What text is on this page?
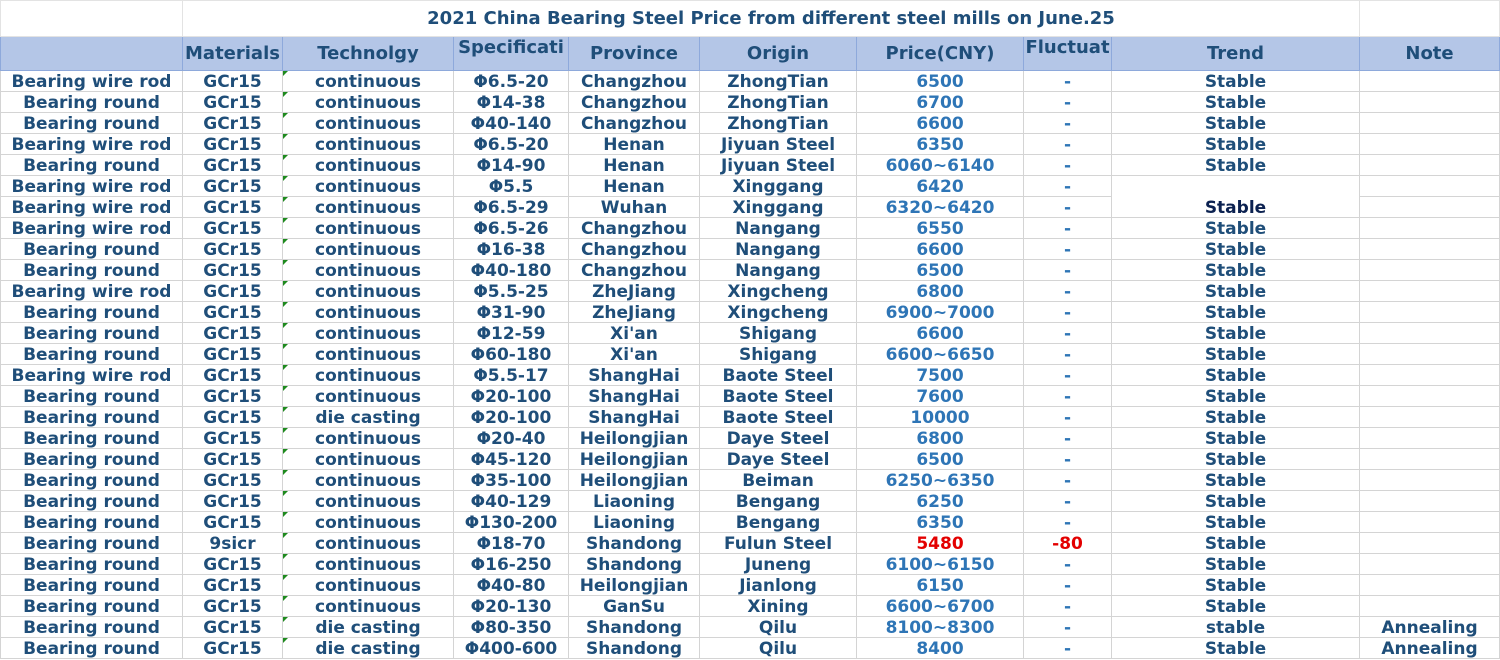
	2021 China Bearing Steel Price from different steel mills on June.25								
	Materials	Technolgy	Specificati	Province	Origin	Price(CNY)	Fluctuat	Trend	Note
Bearing wire rod	GCr15	continuous	Φ6.5-20	Changzhou	ZhongTian	6500	-	Stable	
Bearing round	GCr15	continuous	Φ14-38	Changzhou	ZhongTian	6700	-	Stable	
Bearing round	GCr15	continuous	Φ40-140	Changzhou	ZhongTian	6600	-	Stable	
Bearing wire rod	GCr15	continuous	Φ6.5-20	Henan	Jiyuan Steel	6350	-	Stable	
Bearing round	GCr15	continuous	Φ14-90	Henan	Jiyuan Steel	6060~6140	-	Stable	
Bearing wire rod	GCr15	continuous	Φ5.5	Henan	Xinggang	6420	-	Stable	
Bearing wire rod	GCr15	continuous	Φ6.5-29	Wuhan	Xinggang	6320~6420	-		
Bearing wire rod	GCr15	continuous	Φ6.5-26	Changzhou	Nangang	6550	-	Stable	
Bearing round	GCr15	continuous	Φ16-38	Changzhou	Nangang	6600	-	Stable	
Bearing round	GCr15	continuous	Φ40-180	Changzhou	Nangang	6500	-	Stable	
Bearing wire rod	GCr15	continuous	Φ5.5-25	ZheJiang	Xingcheng	6800	-	Stable	
Bearing round	GCr15	continuous	Φ31-90	ZheJiang	Xingcheng	6900~7000	-	Stable	
Bearing round	GCr15	continuous	Φ12-59	Xi'an	Shigang	6600	-	Stable	
Bearing round	GCr15	continuous	Φ60-180	Xi'an	Shigang	6600~6650	-	Stable	
Bearing wire rod	GCr15	continuous	Φ5.5-17	ShangHai	Baote Steel	7500	-	Stable	
Bearing round	GCr15	continuous	Φ20-100	ShangHai	Baote Steel	7600	-	Stable	
Bearing round	GCr15	die casting	Φ20-100	ShangHai	Baote Steel	10000	-	Stable	
Bearing round	GCr15	continuous	Φ20-40	Heilongjian	Daye Steel	6800	-	Stable	
Bearing round	GCr15	continuous	Φ45-120	Heilongjian	Daye Steel	6500	-	Stable	
Bearing round	GCr15	continuous	Φ35-100	Heilongjian	Beiman	6250~6350	-	Stable	
Bearing round	GCr15	continuous	Φ40-129	Liaoning	Bengang	6250	-	Stable	
Bearing round	GCr15	continuous	Φ130-200	Liaoning	Bengang	6350	-	Stable	
Bearing round	9sicr	continuous	Φ18-70	Shandong	Fulun Steel	5480	-80	Stable	
Bearing round	GCr15	continuous	Φ16-250	Shandong	Juneng	6100~6150	-	Stable	
Bearing round	GCr15	continuous	Φ40-80	Heilongjian	Jianlong	6150	-	Stable	
Bearing round	GCr15	continuous	Φ20-130	GanSu	Xining	6600~6700	-	Stable	
Bearing round	GCr15	die casting	Φ80-350	Shandong	Qilu	8100~8300	-	stable	Annealing
Bearing round	GCr15	die casting	Φ400-600	Shandong	Qilu	8400	-	Stable	Annealing
